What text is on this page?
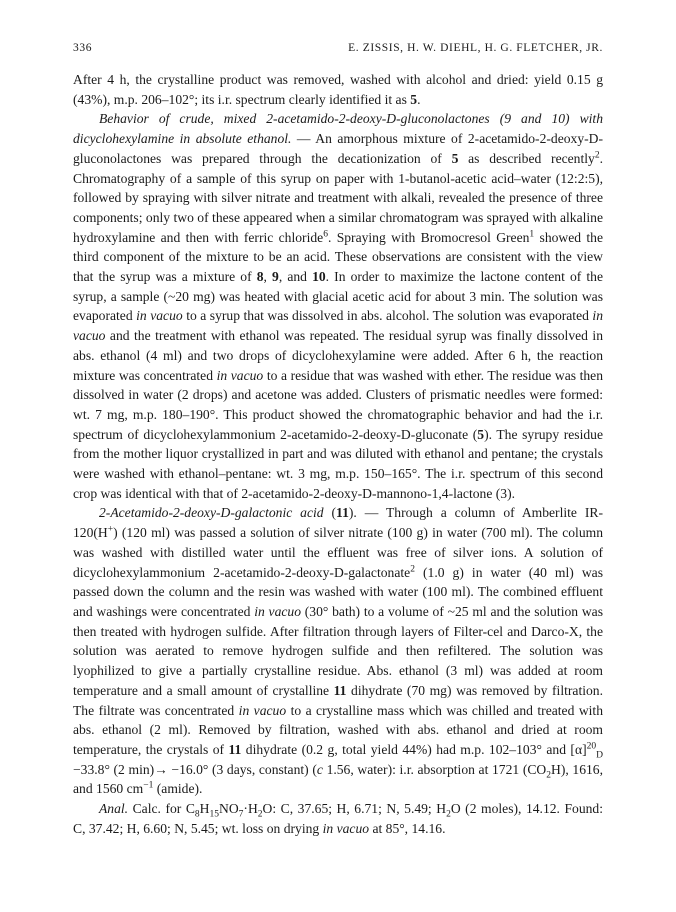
336	E. ZISSIS, H. W. DIEHL, H. G. FLETCHER, JR.

After 4 h, the crystalline product was removed, washed with alcohol and dried: yield 0.15 g (43%), m.p. 206–102°; its i.r. spectrum clearly identified it as 5.

Behavior of crude, mixed 2-acetamido-2-deoxy-D-gluconolactones (9 and 10) with dicyclohexylamine in absolute ethanol. — An amorphous mixture of 2-acetamido-2-deoxy-D-gluconolactones was prepared through the decationization of 5 as described recently$^2$. Chromatography of a sample of this syrup on paper with 1-butanol-acetic acid–water (12:2:5), followed by spraying with silver nitrate and treatment with alkali, revealed the presence of three components; only two of these appeared when a similar chromatogram was sprayed with alkaline hydroxylamine and then with ferric chloride$^6$. Spraying with Bromocresol Green$^1$ showed the third component of the mixture to be an acid. These observations are consistent with the view that the syrup was a mixture of 8, 9, and 10. In order to maximize the lactone content of the syrup, a sample (~20 mg) was heated with glacial acetic acid for about 3 min. The solution was evaporated in vacuo to a syrup that was dissolved in abs. alcohol. The solution was evaporated in vacuo and the treatment with ethanol was repeated. The residual syrup was finally dissolved in abs. ethanol (4 ml) and two drops of dicyclohexylamine were added. After 6 h, the reaction mixture was concentrated in vacuo to a residue that was washed with ether. The residue was then dissolved in water (2 drops) and acetone was added. Clusters of prismatic needles were formed: wt. 7 mg, m.p. 180–190°. This product showed the chromatographic behavior and had the i.r. spectrum of dicyclohexylammonium 2-acetamido-2-deoxy-D-gluconate (5). The syrupy residue from the mother liquor crystallized in part and was diluted with ethanol and pentane; the crystals were washed with ethanol–pentane: wt. 3 mg, m.p. 150–165°. The i.r. spectrum of this second crop was identical with that of 2-acetamido-2-deoxy-D-mannono-1,4-lactone (3).

2-Acetamido-2-deoxy-D-galactonic acid (11). — Through a column of Amberlite IR-120(H+) (120 ml) was passed a solution of silver nitrate (100 g) in water (700 ml). The column was washed with distilled water until the effluent was free of silver ions. A solution of dicyclohexylammonium 2-acetamido-2-deoxy-D-galactonate$^2$ (1.0 g) in water (40 ml) was passed down the column and the resin was washed with water (100 ml). The combined effluent and washings were concentrated in vacuo (30° bath) to a volume of ~25 ml and the solution was then treated with hydrogen sulfide. After filtration through layers of Filter-cel and Darco-X, the solution was aerated to remove hydrogen sulfide and then refiltered. The solution was lyophilized to give a partially crystalline residue. Abs. ethanol (3 ml) was added at room temperature and a small amount of crystalline 11 dihydrate (70 mg) was removed by filtration. The filtrate was concentrated in vacuo to a crystalline mass which was chilled and treated with abs. ethanol (2 ml). Removed by filtration, washed with abs. ethanol and dried at room temperature, the crystals of 11 dihydrate (0.2 g, total yield 44%) had m.p. 102–103° and $[\alpha]^{20}_D -33.8^\circ$ (2 min)→ −16.0° (3 days, constant) (c 1.56, water): i.r. absorption at 1721 $(CO_2H)$, 1616, and 1560 $cm^{-1}$ (amide).

Anal. Calc. for $C_8H_{15}NO_7\cdot H_2O$: C, 37.65; H, 6.71; N, 5.49; $H_2O$ (2 moles), 14.12. Found: C, 37.42; H, 6.60; N, 5.45; wt. loss on drying in vacuo at 85°, 14.16.
